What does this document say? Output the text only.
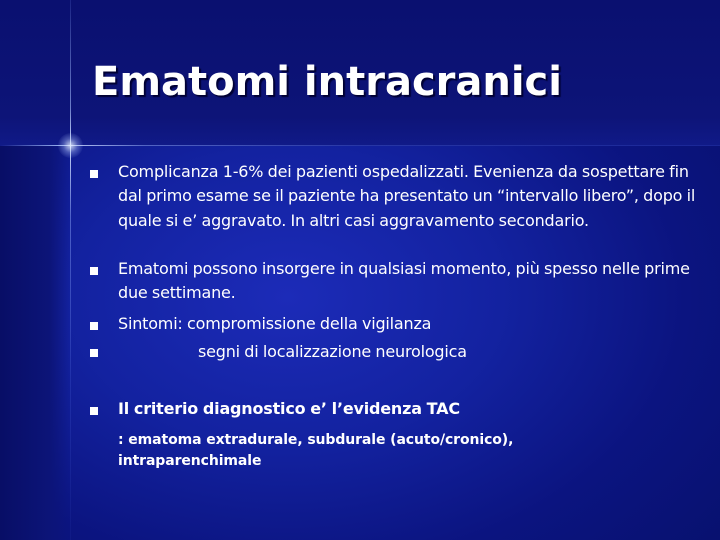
Ematomi intracranici
Complicanza 1-6% dei pazienti ospedalizzati. Evenienza da sospettare fin dal primo esame se il paziente ha presentato un “intervallo libero”, dopo il quale si e’ aggravato. In altri casi aggravamento secondario.
Ematomi possono insorgere in qualsiasi momento, più spesso nelle prime due settimane.
Sintomi: compromissione della vigilanza
segni di localizzazione neurologica
Il criterio diagnostico e’ l’evidenza TAC
: ematoma extradurale, subdurale (acuto/cronico), intraparenchimale
